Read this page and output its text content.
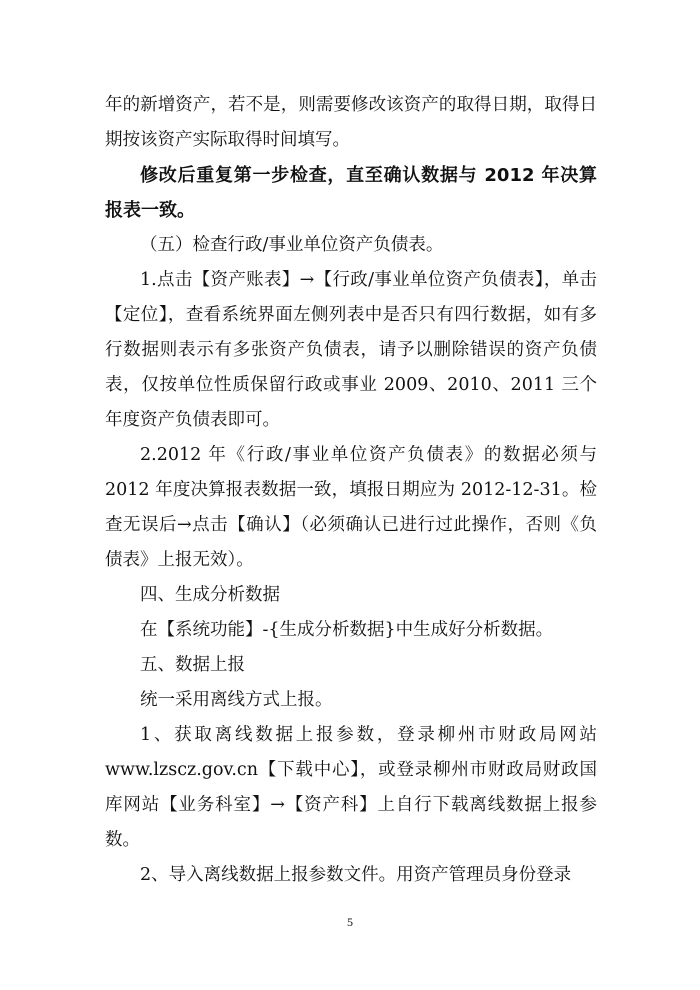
年的新增资产，若不是，则需要修改该资产的取得日期，取得日期按该资产实际取得时间填写。

修改后重复第一步检查，直至确认数据与 2012 年决算报表一致。

（五）检查行政/事业单位资产负债表。

1.点击【资产账表】→【行政/事业单位资产负债表】，单击【定位】，查看系统界面左侧列表中是否只有四行数据，如有多行数据则表示有多张资产负债表，请予以删除错误的资产负债表，仅按单位性质保留行政或事业 2009、2010、2011 三个年度资产负债表即可。

2.2012 年《行政/事业单位资产负债表》的数据必须与 2012 年度决算报表数据一致，填报日期应为 2012-12-31。检查无误后→点击【确认】（必须确认已进行过此操作，否则《负债表》上报无效）。

四、生成分析数据

在【系统功能】-{生成分析数据}中生成好分析数据。

五、数据上报

统一采用离线方式上报。

1、获取离线数据上报参数，登录柳州市财政局网站 www.lzscz.gov.cn【下载中心】，或登录柳州市财政局财政国库网站【业务科室】→【资产科】上自行下载离线数据上报参数。

2、导入离线数据上报参数文件。用资产管理员身份登录

5
